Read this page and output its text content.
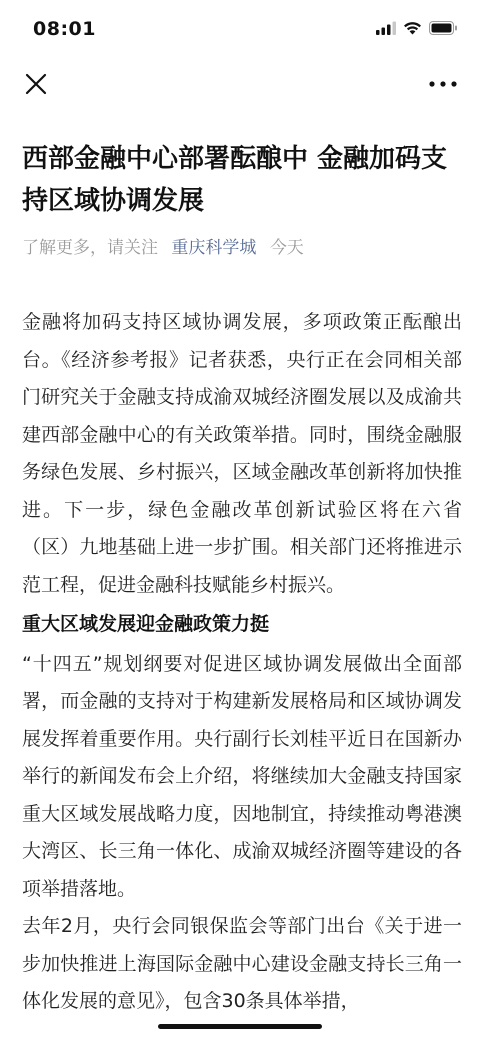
08:01
西部金融中心部署酝酿中 金融加码支持区域协调发展
了解更多，请关注 重庆科学城 今天

金融将加码支持区域协调发展，多项政策正酝酿出台。《经济参考报》记者获悉，央行正在会同相关部门研究关于金融支持成渝双城经济圈发展以及成渝共建西部金融中心的有关政策举措。同时，围绕金融服务绿色发展、乡村振兴，区域金融改革创新将加快推进。下一步，绿色金融改革创新试验区将在六省（区）九地基础上进一步扩围。相关部门还将推进示范工程，促进金融科技赋能乡村振兴。

重大区域发展迎金融政策力挺

“十四五”规划纲要对促进区域协调发展做出全面部署，而金融的支持对于构建新发展格局和区域协调发展发挥着重要作用。央行副行长刘桂平近日在国新办举行的新闻发布会上介绍，将继续加大金融支持国家重大区域发展战略力度，因地制宜，持续推动粤港澳大湾区、长三角一体化、成渝双城经济圈等建设的各项举措落地。

去年2月，央行会同银保监会等部门出台《关于进一步加快推进上海国际金融中心建设金融支持长三角一体化发展的意见》，包含30条具体举措，
